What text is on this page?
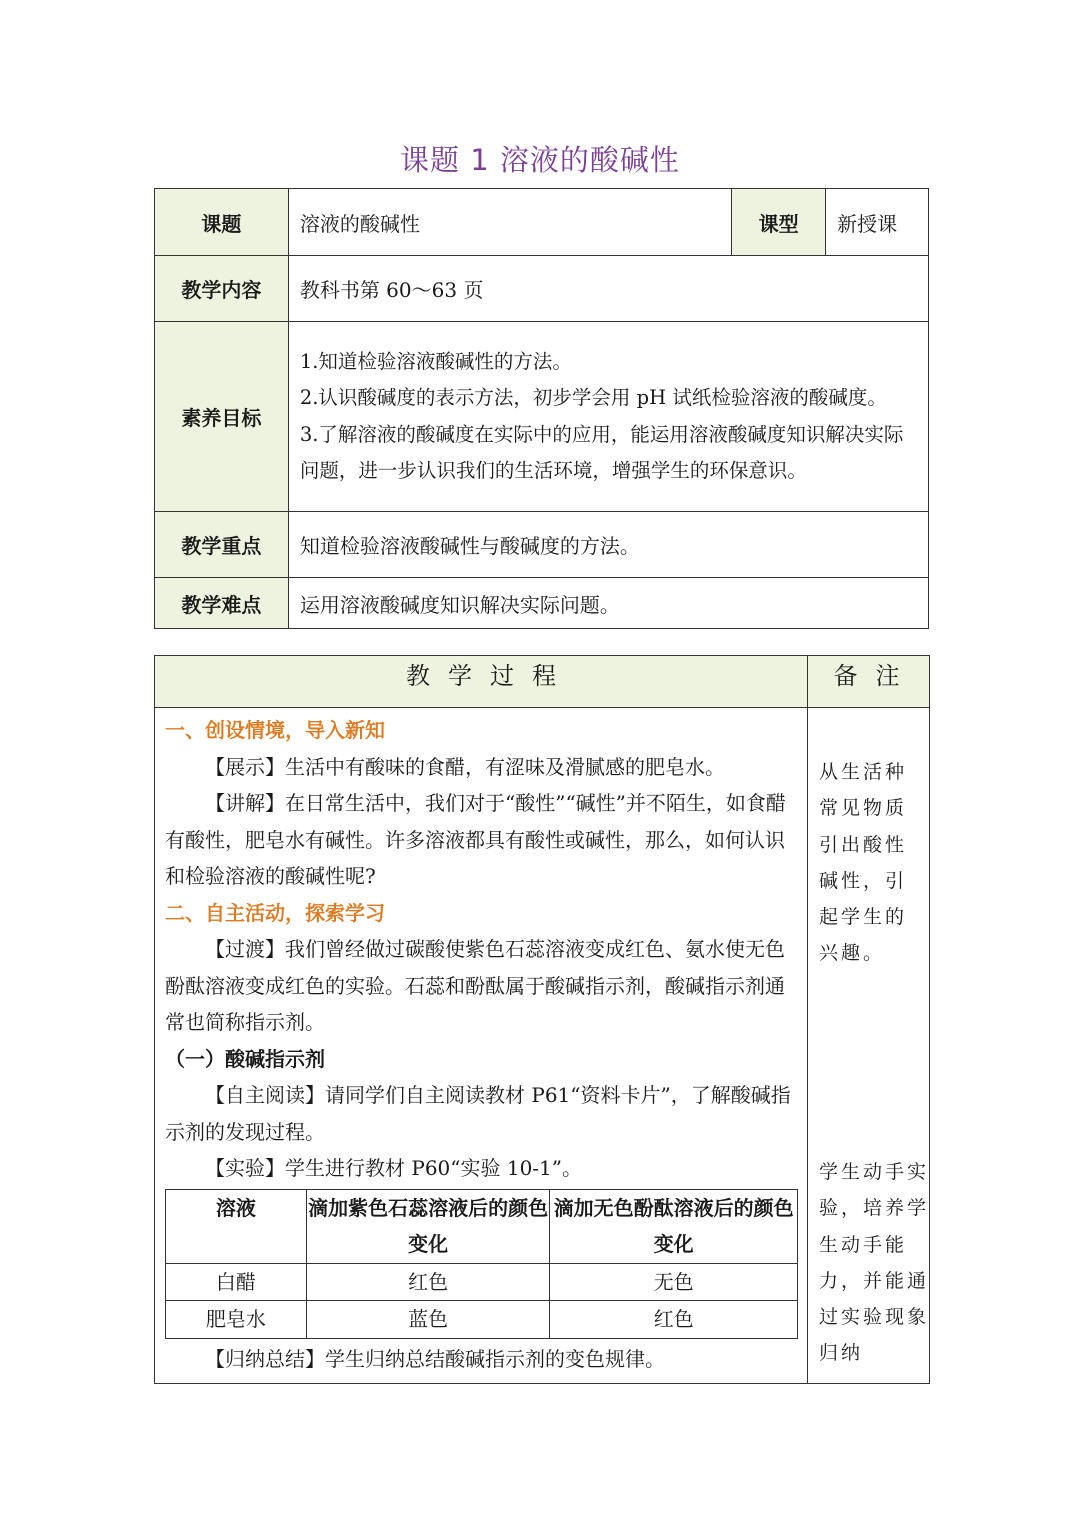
课题 1 溶液的酸碱性
课题	溶液的酸碱性	课型	新授课
教学内容	教科书第 60～63 页		
素养目标	1.知道检验溶液酸碱性的方法。
2.认识酸碱度的表示方法，初步学会用 pH 试纸检验溶液的酸碱度。
3.了解溶液的酸碱度在实际中的应用，能运用溶液酸碱度知识解决实际问题，进一步认识我们的生活环境，增强学生的环保意识。		

教学重点	知道检验溶液酸碱性与酸碱度的方法。		
教学难点	运用溶液酸碱度知识解决实际问题。		
教学过程	备注

一、创设情境，导入新知
【展示】生活中有酸味的食醋，有涩味及滑腻感的肥皂水。
【讲解】在日常生活中，我们对于“酸性”“碱性”并不陌生，如食醋有酸性，肥皂水有碱性。许多溶液都具有酸性或碱性，那么，如何认识和检验溶液的酸碱性呢?
二、自主活动，探索学习
【过渡】我们曾经做过碳酸使紫色石蕊溶液变成红色、氨水使无色酚酞溶液变成红色的实验。石蕊和酚酞属于酸碱指示剂，酸碱指示剂通常也简称指示剂。
（一）酸碱指示剂
【自主阅读】请同学们自主阅读教材 P61“资料卡片”，了解酸碱指示剂的发现过程。
【实验】学生进行教材 P60“实验 10-1”。
溶液	滴加紫色石蕊溶液后的颜色变化	滴加无色酚酞溶液后的颜色变化
白醋	红色	无色
肥皂水	蓝色	红色
【归纳总结】学生归纳总结酸碱指示剂的变色规律。

从生活种常见物质引出酸性碱性，引起学生的兴趣。
学生动手实验，培养学生动手能力，并能通过实验现象归纳
